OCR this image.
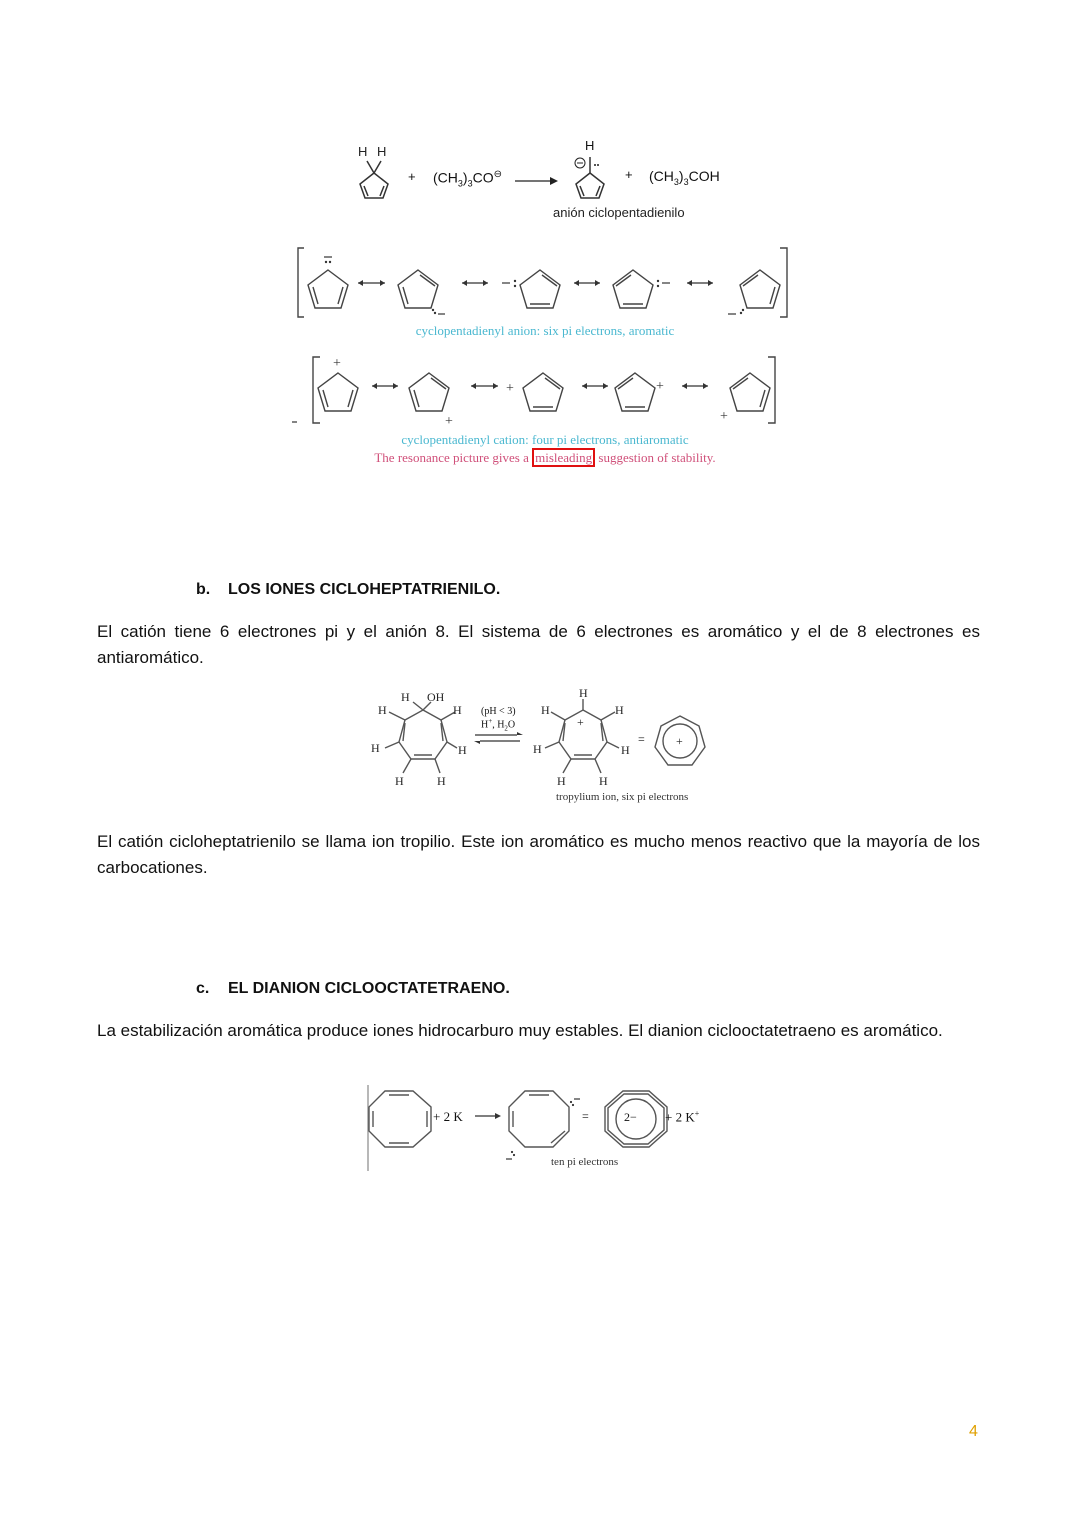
H H
+ $(CH_3)_3CO^⊖$
H
+ $(CH_3)_3COH$
anión ciclopentadienilo
+
+
+	+
+
cyclopentadienyl anion: six pi electrons, aromatic
cyclopentadienyl cation: four pi electrons, antiaromatic
The resonance picture gives a misleading suggestion of stability.
b. LOS IONES CICLOHEPTATRIENILO.
El catión tiene 6 electrones pi y el anión 8. El sistema de 6 electrones es aromático y el de 8 electrones es antiaromático.
H OH
H	H
H	H
H	H
H
H	H
H	H
H	H
+
+
(pH < 3)
H+, $H_2O$
=
tropylium ion, six pi electrons
El catión cicloheptatrienilo se llama ion tropilio. Este ion aromático es mucho menos reactivo que la mayoría de los carbocationes.
c. EL DIANION CICLOOCTATETRAENO.
La estabilización aromática produce iones hidrocarburo muy estables. El dianion ciclooctatetraeno es aromático.
+ 2 K	=	2− + 2 K+
ten pi electrons
4
